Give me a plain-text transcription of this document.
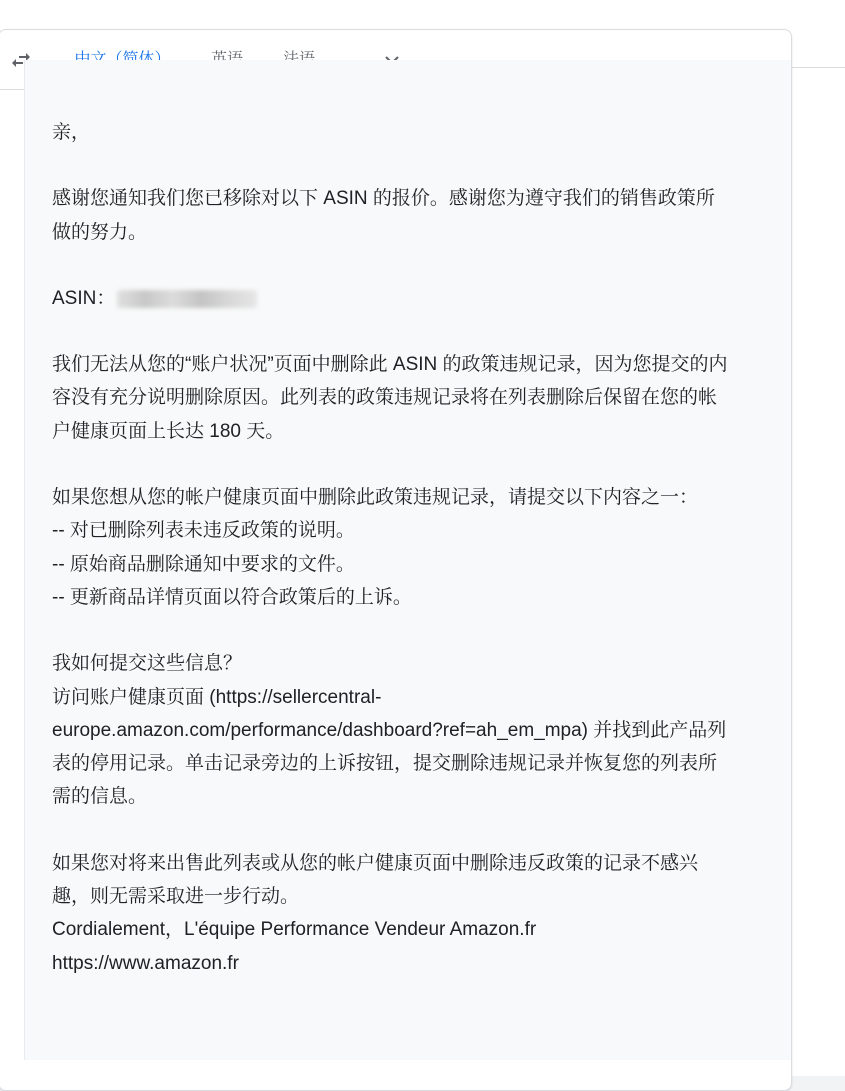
亲，

感谢您通知我们您已移除对以下 ASIN 的报价。感谢您为遵守我们的销售政策所做的努力。

ASIN：

我们无法从您的“账户状况”页面中删除此 ASIN 的政策违规记录，因为您提交的内容没有充分说明删除原因。此列表的政策违规记录将在列表删除后保留在您的帐户健康页面上长达 180 天。

如果您想从您的帐户健康页面中删除此政策违规记录，请提交以下内容之一：

-- 对已删除列表未违反政策的说明。

-- 原始商品删除通知中要求的文件。

-- 更新商品详情页面以符合政策后的上诉。

我如何提交这些信息？

访问账户健康页面 (https://sellercentral-europe.amazon.com/performance/dashboard?ref=ah_em_mpa) 并找到此产品列表的停用记录。单击记录旁边的上诉按钮，提交删除违规记录并恢复您的列表所需的信息。

如果您对将来出售此列表或从您的帐户健康页面中删除违反政策的记录不感兴趣，则无需采取进一步行动。

Cordialement，L'équipe Performance Vendeur Amazon.fr

https://www.amazon.fr
